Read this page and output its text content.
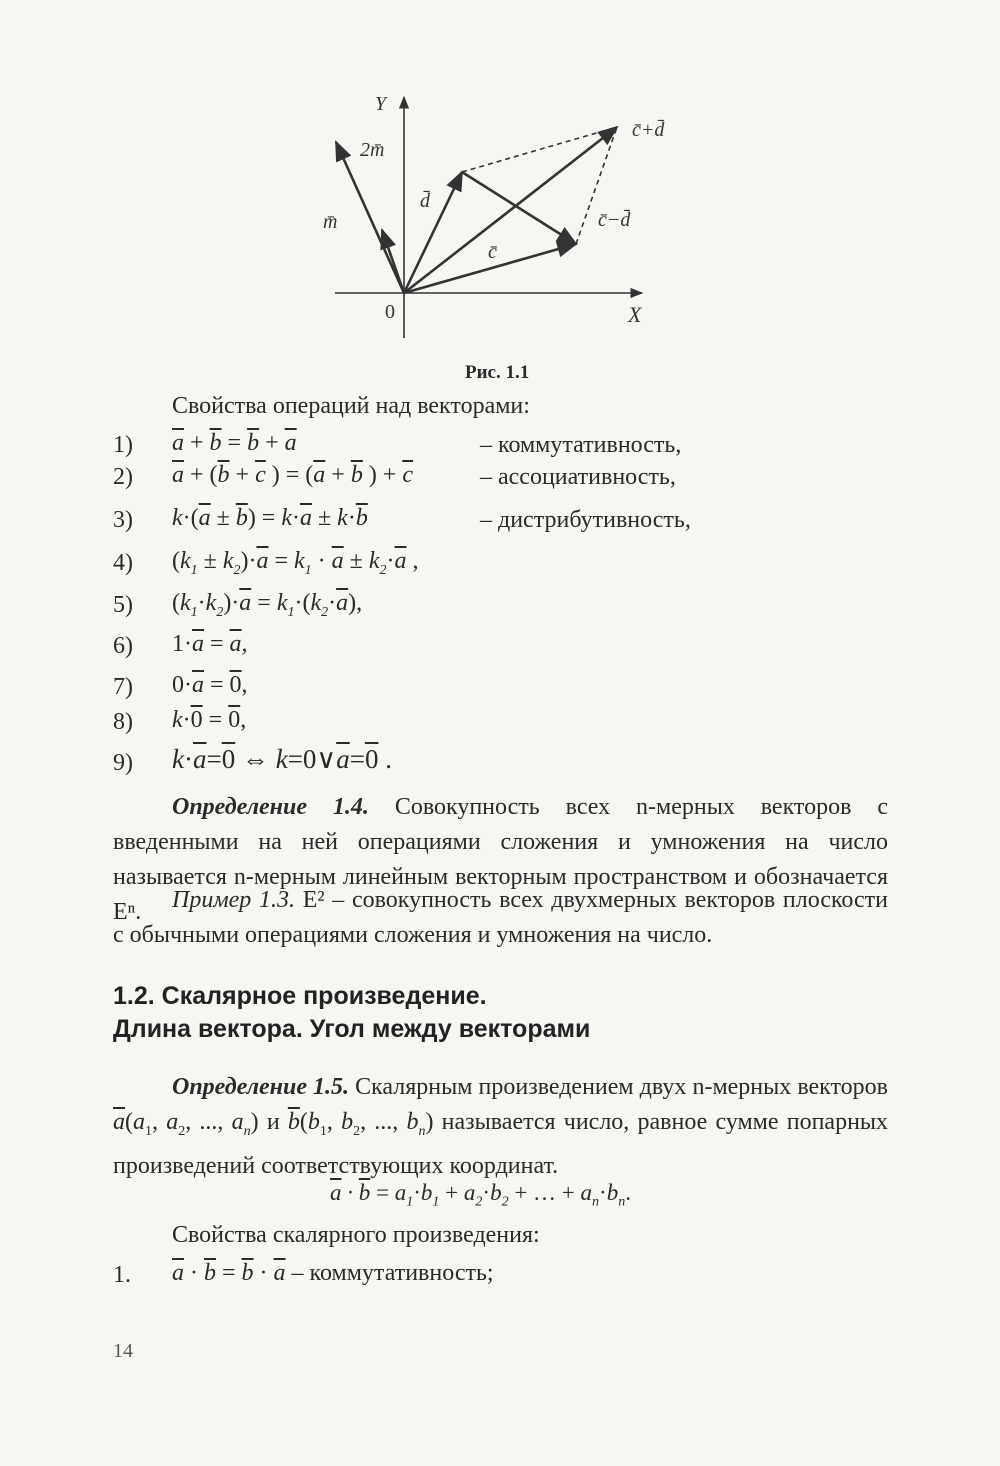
Y
X
0
2m̄
m̄
d̄
c̄
c̄+d̄
c̄−d̄
Рис. 1.1
Свойства операций над векторами:
1) $\overline{a} + \overline{b} = \overline{b} + \overline{a}$	– коммутативность,
2) $\overline{a} + (\overline{b} + \overline{c}$ ) = ($\overline{a} + \overline{b}$ ) + $\overline{c}$	– ассоциативность,
3) $k\cdot(\overline{a} \pm \overline{b}) = k\cdot\overline{a} \pm k\cdot\overline{b}$	– дистрибутивность,
4) $(k_1 \pm k_2)\cdot\overline{a} = k_1 \cdot \overline{a} \pm k_2\cdot\overline{a}$ ,
5) $(k_1\cdot k_2)\cdot\overline{a} = k_1\cdot(k_2\cdot\overline{a})$,
6) $1\cdot\overline{a} = \overline{a}$,
7) $0\cdot\overline{a} = 0$,
8) k·0 = 0,
9) $k\cdot\overline{a}=0$ ⇔ $k=0\vee\overline{a}=0$ .
Определение 1.4. Совокупность всех n-мерных векторов с введенными на ней операциями сложения и умножения на число называется n-мерным линейным векторным пространством и обозначается Eⁿ.	Пример 1.3. E² – совокупность всех двухмерных векторов плоскости с обычными операциями сложения и умножения на число.
1.2. Скалярное произведение.
Длина вектора. Угол между векторами
Определение 1.5. Скалярным произведением двух n-мерных векторов $\overline{a}(a_1$, $a_2$, ..., $a_n$) и $\overline{b}(b_1$, $b_2$, ..., $b_n$) называется число, равное сумме попарных произведений соответствующих координат.
$\overline{a} \cdot \overline{b} = a_1\cdot b_1 + a_2\cdot b_2$ + … + $a_n\cdot b_n$.
Свойства скалярного произведения:
1. $\overline{a} \cdot \overline{b} = \overline{b} \cdot \overline{a}$ – коммутативность;
14
